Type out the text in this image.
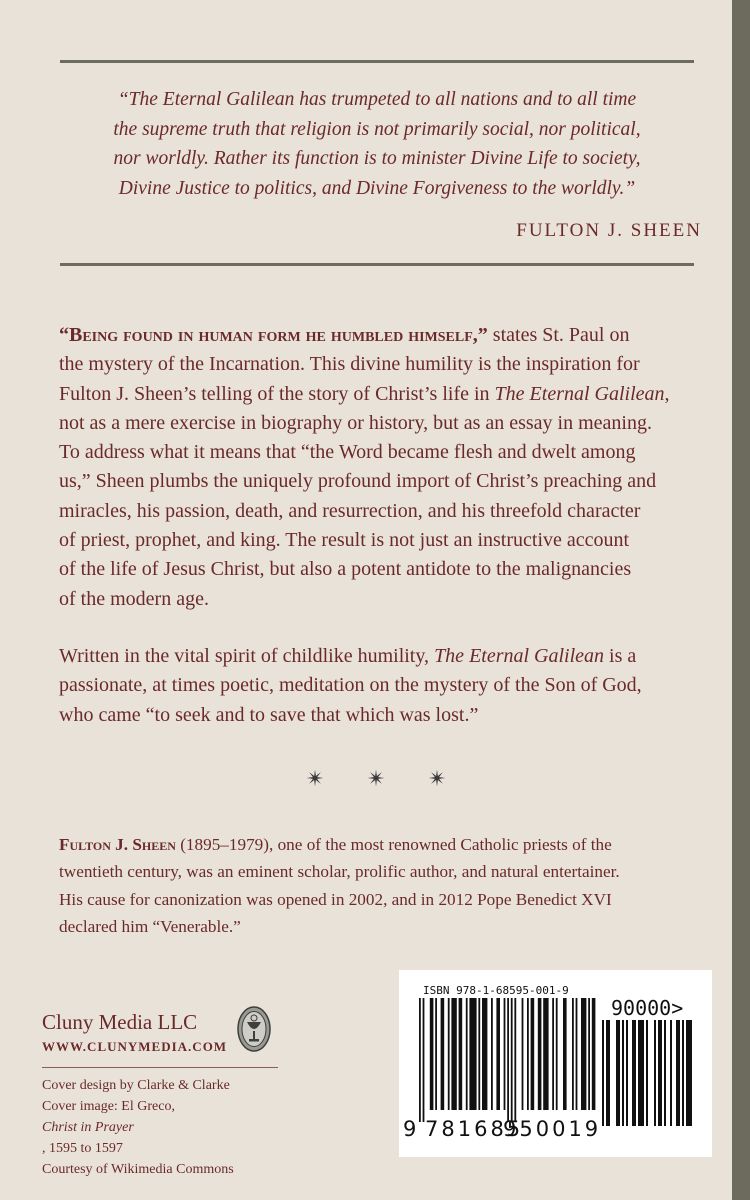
“The Eternal Galilean has trumpeted to all nations and to all time
the supreme truth that religion is not primarily social, nor political,
nor worldly. Rather its function is to minister Divine Life to society,
Divine Justice to politics, and Divine Forgiveness to the worldly.”
FULTON J. SHEEN
“Being found in human form he humbled himself,” states St. Paul on
the mystery of the Incarnation. This divine humility is the inspiration for
Fulton J. Sheen’s telling of the story of Christ’s life in The Eternal Galilean,
not as a mere exercise in biography or history, but as an essay in meaning.
To address what it means that “the Word became flesh and dwelt among
us,” Sheen plumbs the uniquely profound import of Christ’s preaching and
miracles, his passion, death, and resurrection, and his threefold character
of priest, prophet, and king. The result is not just an instructive account
of the life of Jesus Christ, but also a potent antidote to the malignancies
of the modern age.
Written in the vital spirit of childlike humility, The Eternal Galilean is a
passionate, at times poetic, meditation on the mystery of the Son of God,
who came “to seek and to save that which was lost.”
✴ ✴ ✴
Fulton J. Sheen (1895–1979), one of the most renowned Catholic priests of the
twentieth century, was an eminent scholar, prolific author, and natural entertainer.
His cause for canonization was opened in 2002, and in 2012 Pope Benedict XVI
declared him “Venerable.”
Cluny Media LLC
WWW.CLUNYMEDIA.COM
Cover design by Clarke & Clarke
Cover image: El Greco,
Christ in Prayer
, 1595 to 1597
Courtesy of Wikimedia Commons
ISBN 978-1-68595-001-9
90000>
9 781685
950019
